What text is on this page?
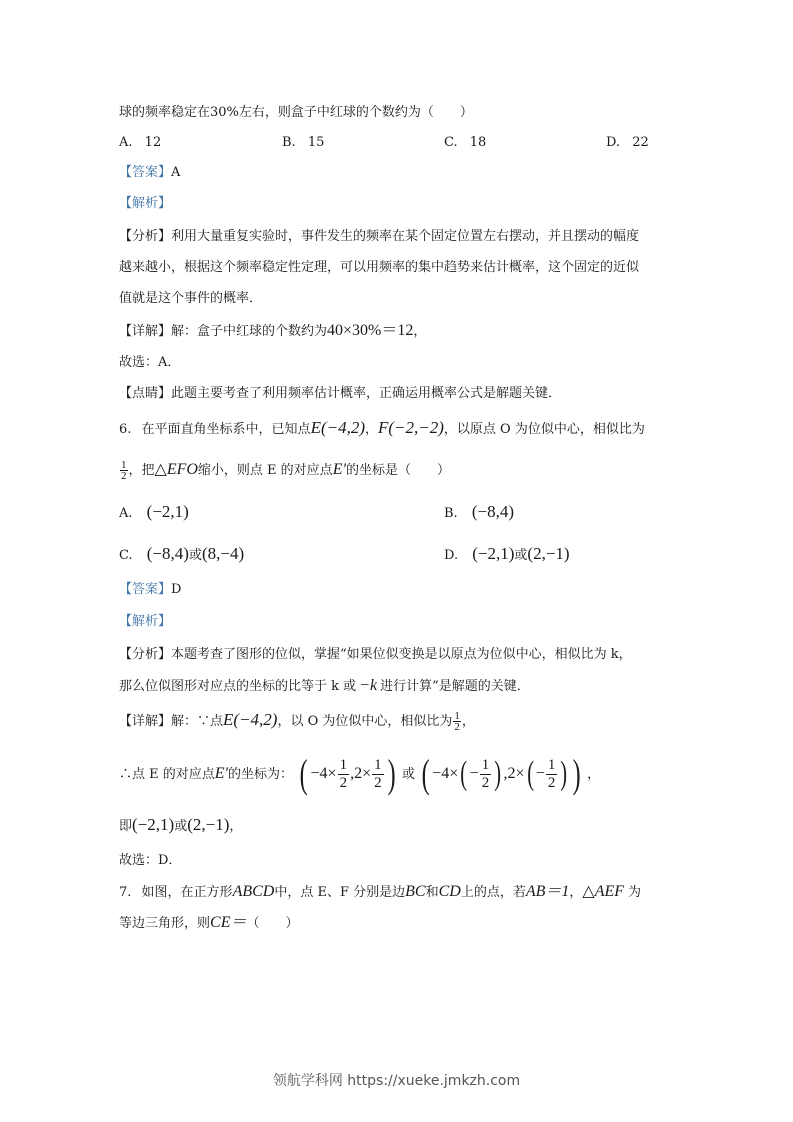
球的频率稳定在30%左右，则盒子中红球的个数约为（　　）
A. 12	B. 15	C. 18	D. 22
【答案】A
【解析】
【分析】利用大量重复实验时，事件发生的频率在某个固定位置左右摆动，并且摆动的幅度
越来越小，根据这个频率稳定性定理，可以用频率的集中趋势来估计概率，这个固定的近似
值就是这个事件的概率．
【详解】解：盒子中红球的个数约为40×30%＝12，
故选：A．
【点睛】此题主要考查了利用频率估计概率，正确运用概率公式是解题关键．
6. 在平面直角坐标系中，已知点E(−4,2)，F(−2,−2)，以原点 O 为位似中心，相似比为
$\frac{1}{2}$ ，把△EFO缩小，则点 E 的对应点E′的坐标是（　　）
A. (−2,1)	B. (−8,4)
C. (−8,4)或(8,−4)	D. (−2,1)或(2,−1)
【答案】D
【解析】
【分析】本题考查了图形的位似，掌握“如果位似变换是以原点为位似中心，相似比为 k，
那么位似图形对应点的坐标的比等于 k 或 −k 进行计算”是解题的关键．
【详解】解：∵点E(−4,2)，以 O 为位似中心，相似比为 $\frac{1}{2}$ ，
∴点 E 的对应点E′的坐标为： ( $-4\times \frac{1}{2} ,2\times \frac{1}{2}$ ) 或 ( $-4\times( - \frac{1}{2}$ ) $,2\times( - \frac{1}{2}$ ) ) ，
即(−2,1)或(2,−1)，
故选：D．
7. 如图，在正方形ABCD中，点 E、F 分别是边BC和CD上的点，若AB＝1，△AEF 为
等边三角形，则CE＝（　　）
领航学科网 https://xueke.jmkzh.com
